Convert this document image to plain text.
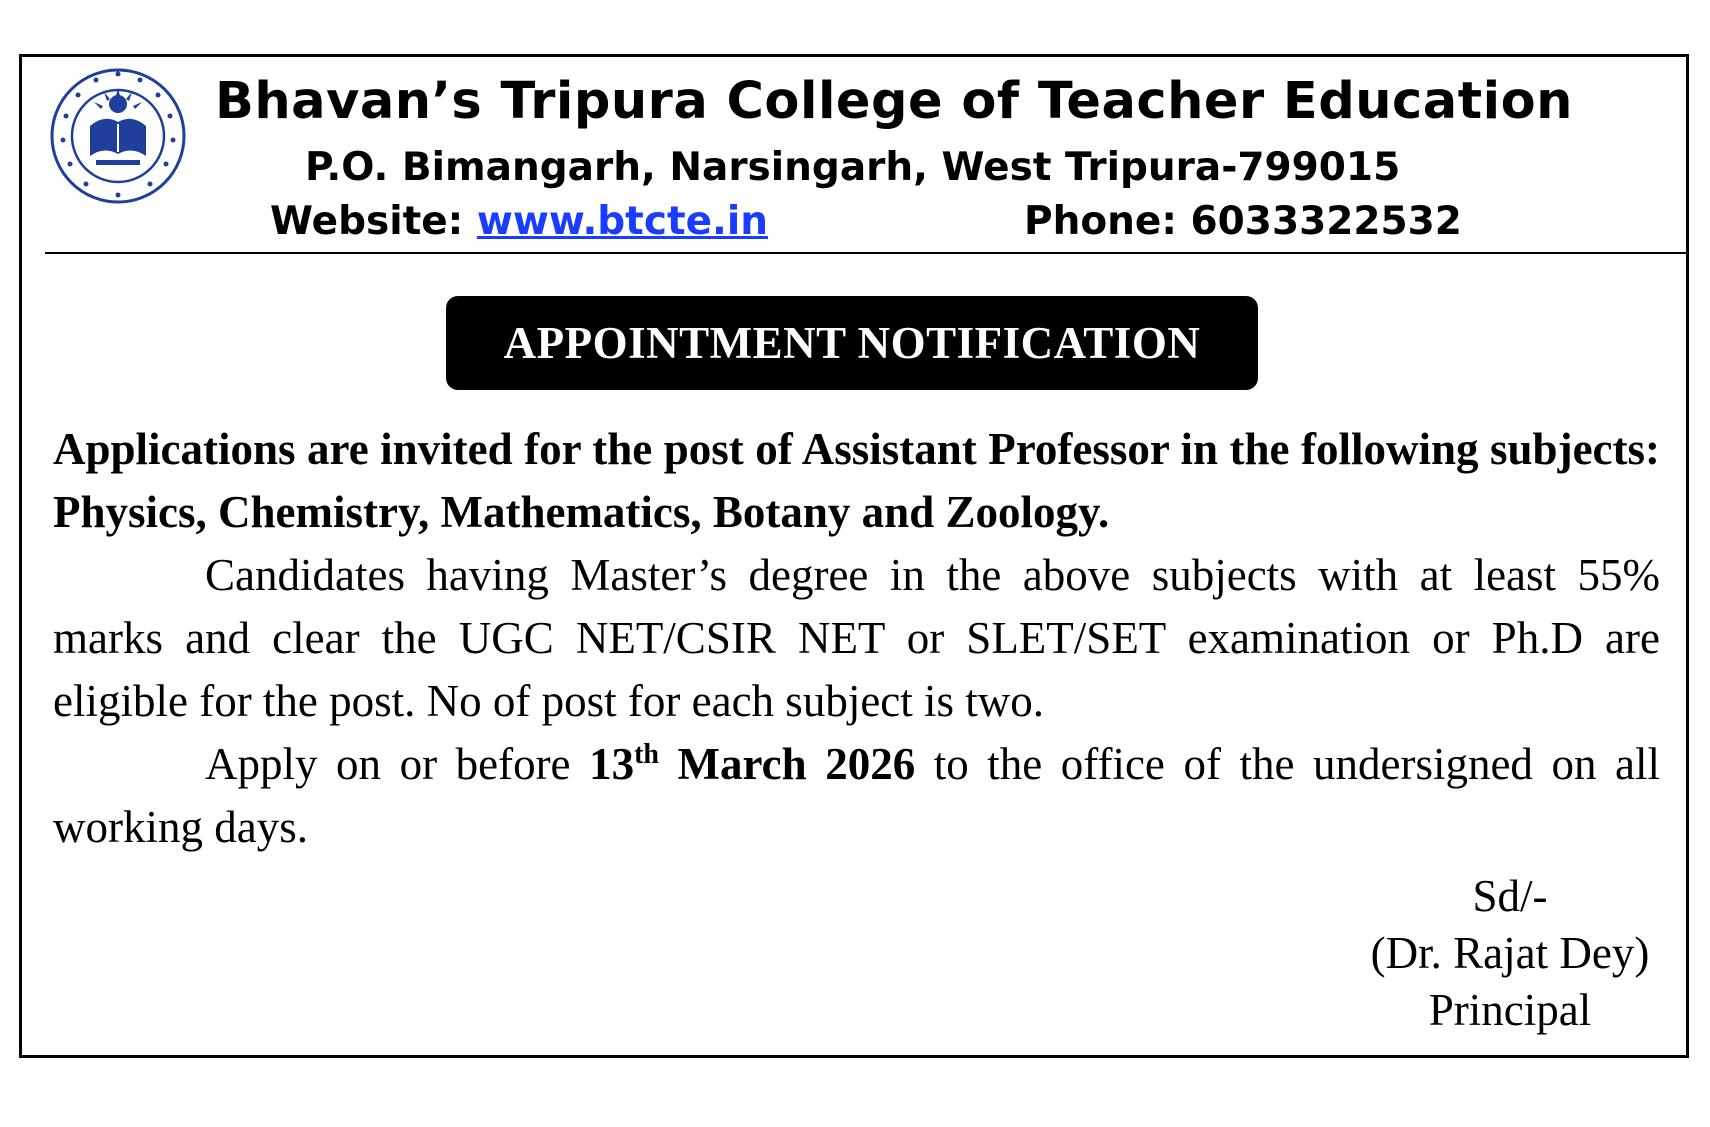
Bhavan’s Tripura College of Teacher Education
P.O. Bimangarh, Narsingarh, West Tripura-799015
Website: www.btcte.in	Phone: 6033322532
APPOINTMENT NOTIFICATION

Applications are invited for the post of Assistant Professor in the following subjects: Physics, Chemistry, Mathematics, Botany and Zoology.

Candidates having Master’s degree in the above subjects with at least 55% marks and clear the UGC NET/CSIR NET or SLET/SET examination or Ph.D are eligible for the post. No of post for each subject is two.

Apply on or before 13th March 2026 to the office of the undersigned on all working days.

Sd/-
(Dr. Rajat Dey)
Principal
